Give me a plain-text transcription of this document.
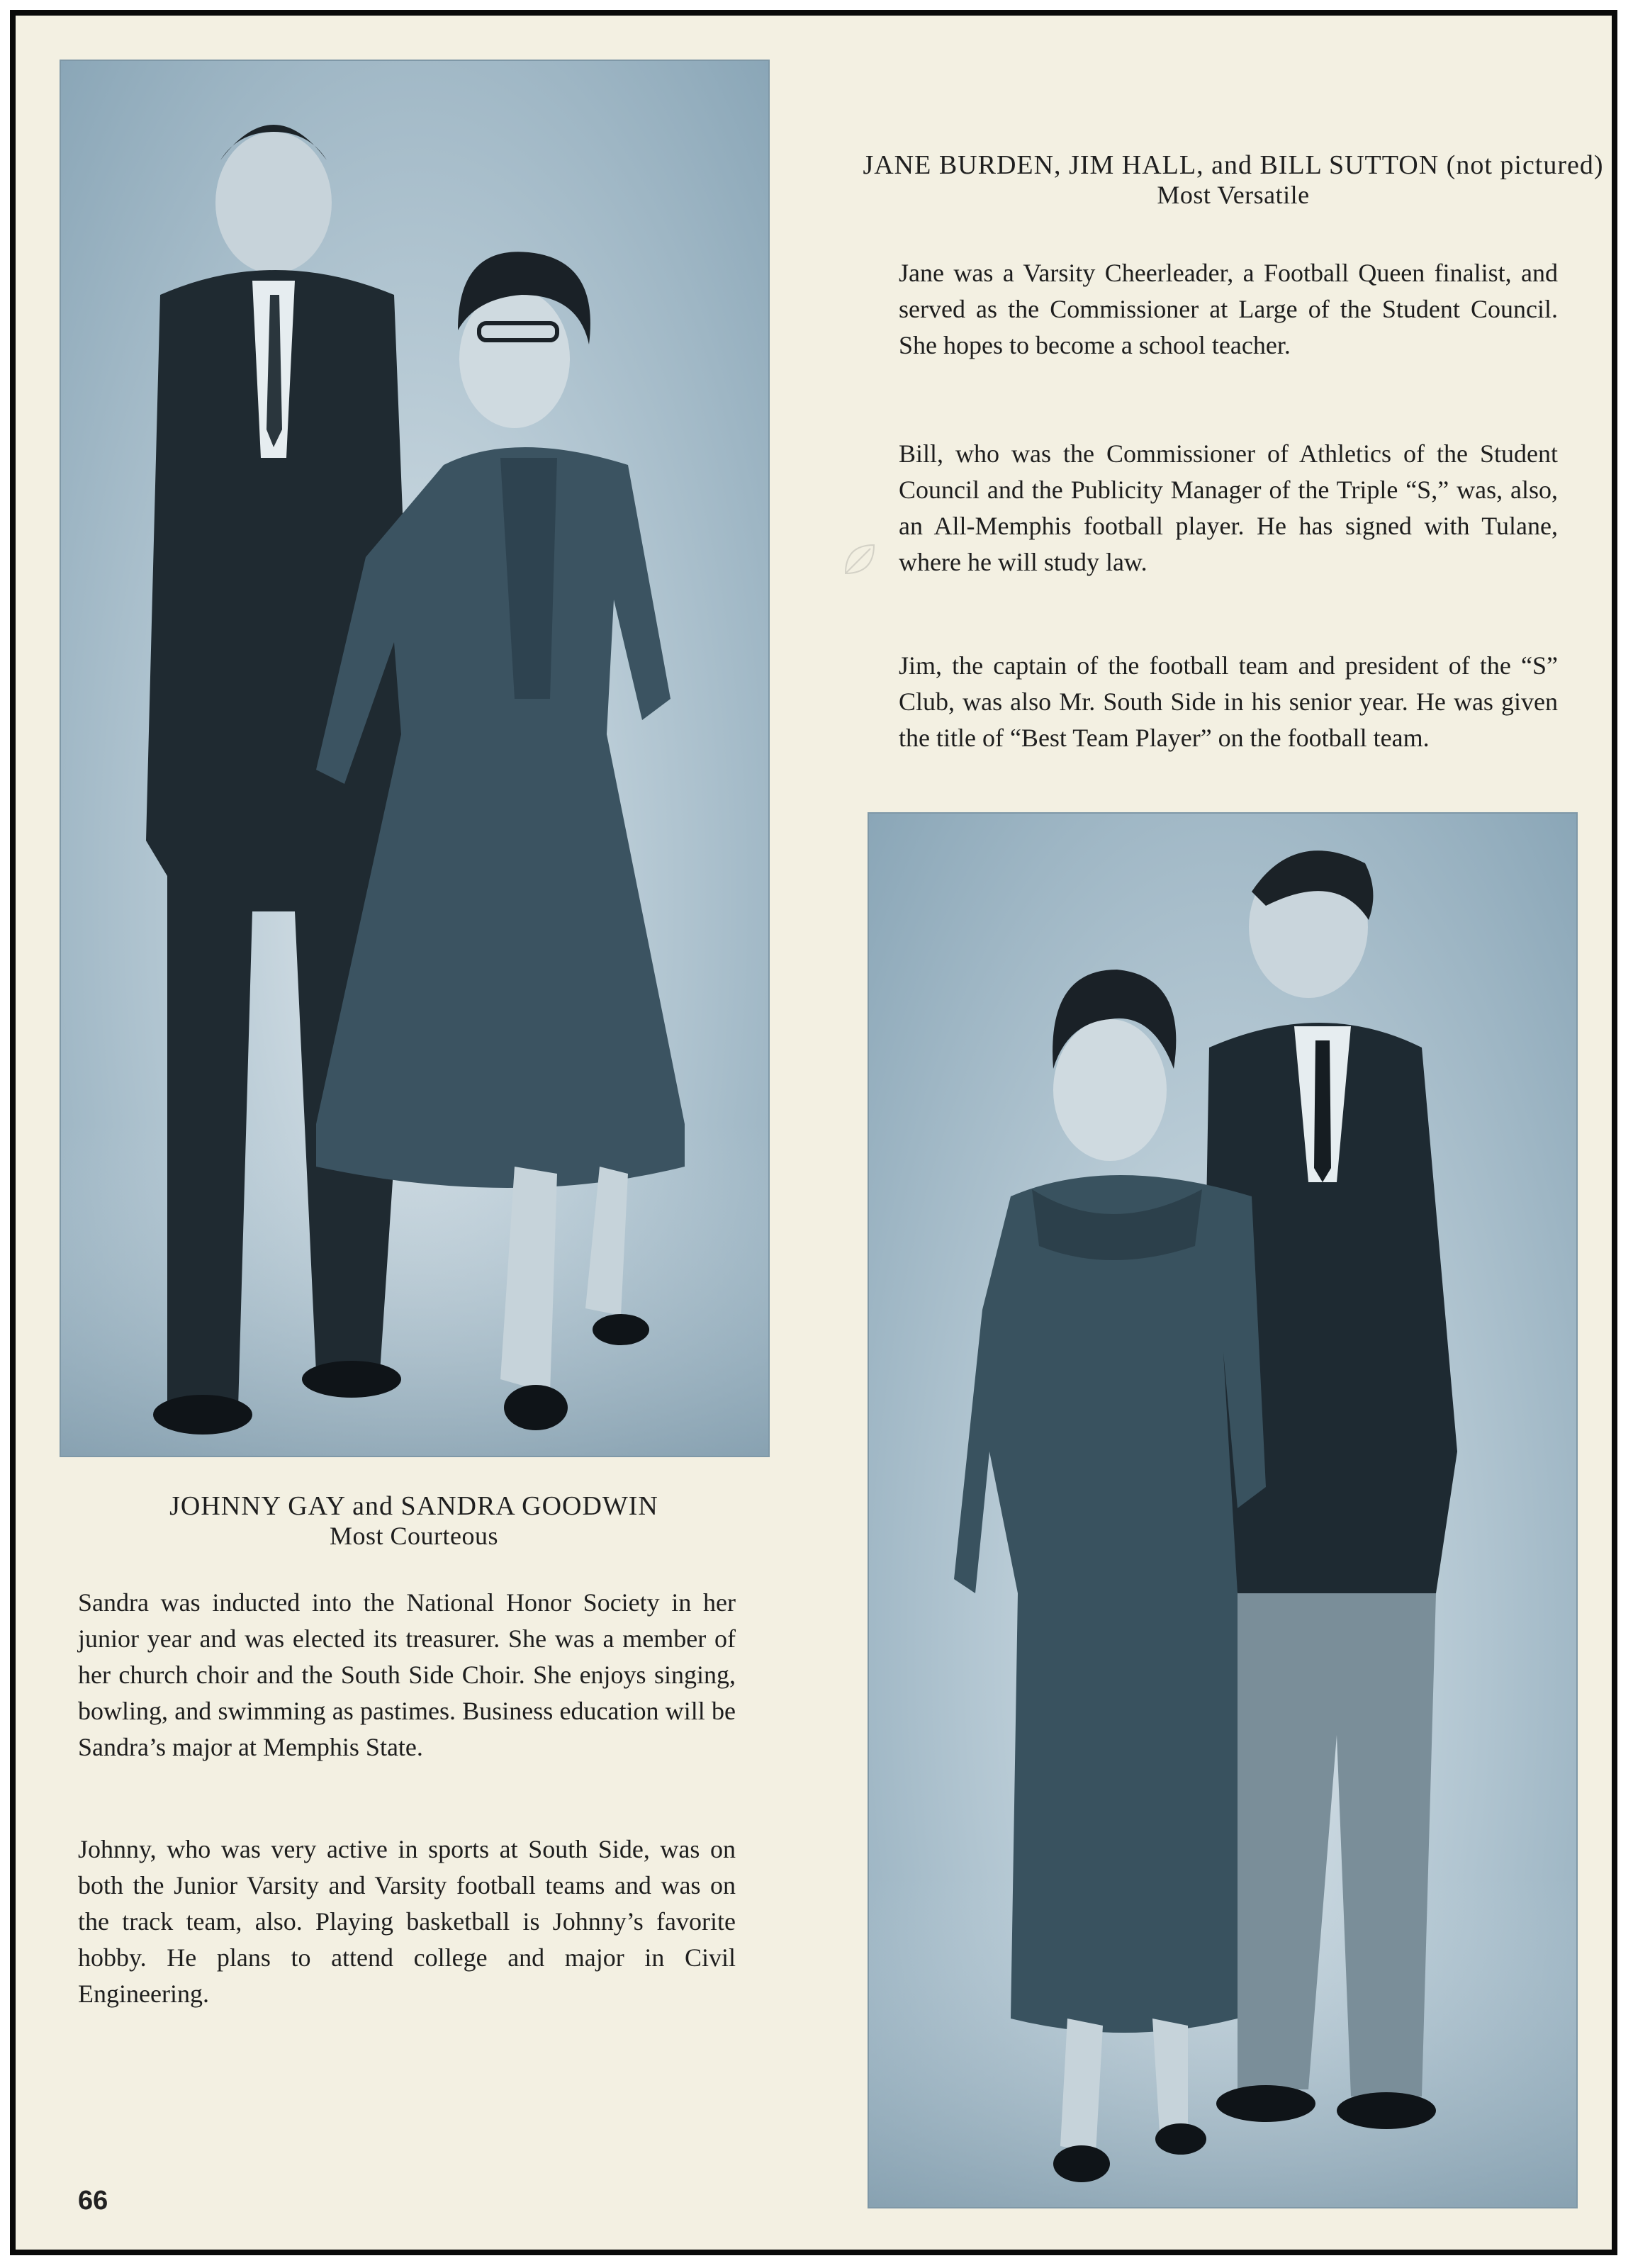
JANE BURDEN, JIM HALL, and BILL SUTTON (not pictured)
Most Versatile

Jane was a Varsity Cheerleader, a Football Queen finalist, and served as the Commissioner at Large of the Student Council. She hopes to become a school teacher.

Bill, who was the Commissioner of Athletics of the Student Council and the Publicity Manager of the Triple “S,” was, also, an All-Memphis football player. He has signed with Tulane, where he will study law.

Jim, the captain of the football team and president of the “S” Club, was also Mr. South Side in his senior year. He was given the title of “Best Team Player” on the football team.

JOHNNY GAY and SANDRA GOODWIN
Most Courteous

Sandra was inducted into the National Honor Society in her junior year and was elected its treasurer. She was a member of her church choir and the South Side Choir. She enjoys singing, bowling, and swimming as pastimes. Business education will be Sandra’s major at Memphis State.

Johnny, who was very active in sports at South Side, was on both the Junior Varsity and Varsity football teams and was on the track team, also. Playing basketball is Johnny’s favorite hobby. He plans to attend college and major in Civil Engineering.

66
